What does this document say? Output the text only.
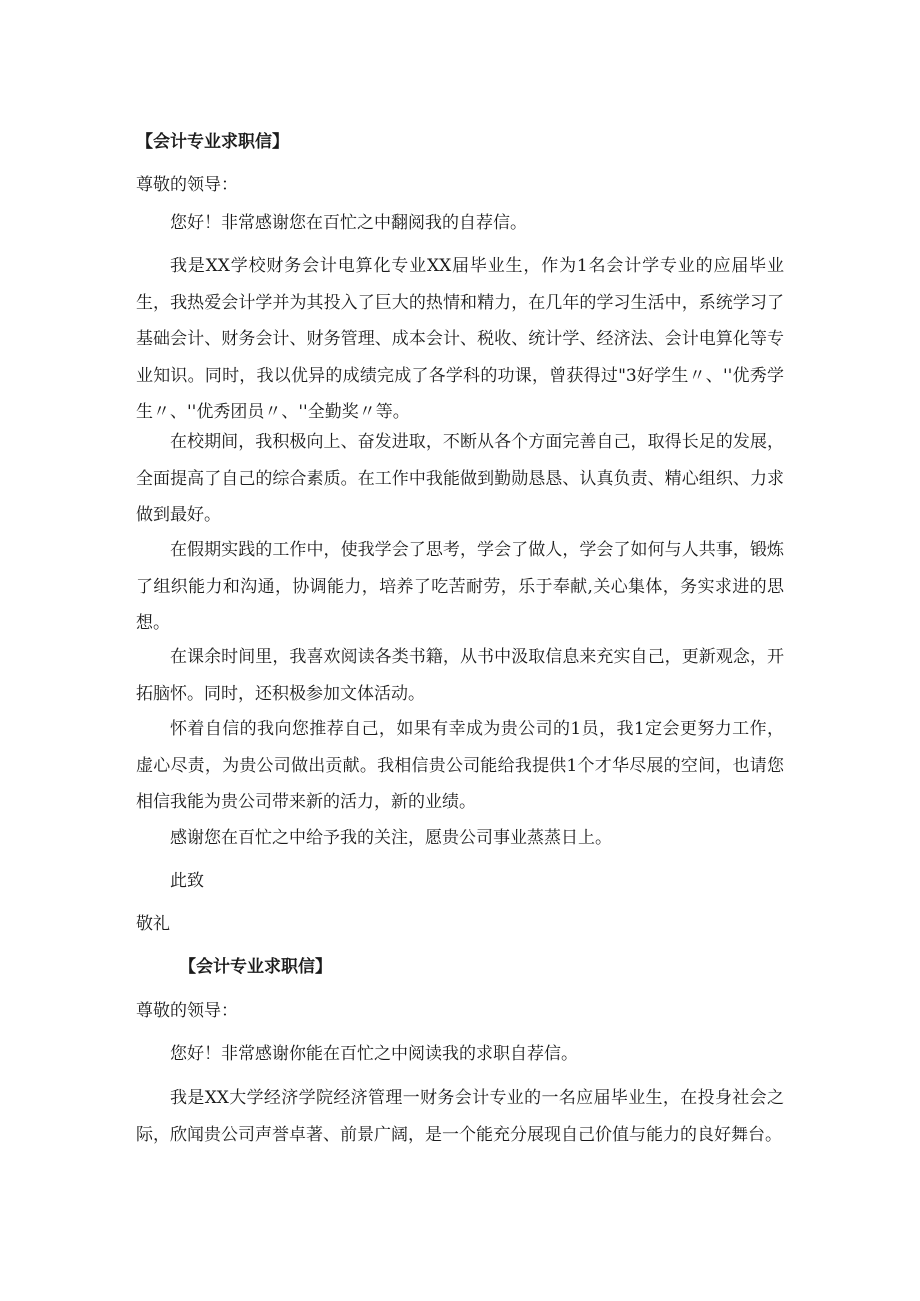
【会计专业求职信】
尊敬的领导：

您好！非常感谢您在百忙之中翻阅我的自荐信。

我是XX学校财务会计电算化专业XX届毕业生，作为1名会计学专业的应届毕业生，我热爱会计学并为其投入了巨大的热情和精力，在几年的学习生活中，系统学习了基础会计、财务会计、财务管理、成本会计、税收、统计学、经济法、会计电算化等专业知识。同时，我以优异的成绩完成了各学科的功课，曾获得过"3好学生〃、''优秀学生〃、''优秀团员〃、''全勤奖〃等。

在校期间，我积极向上、奋发进取，不断从各个方面完善自己，取得长足的发展，全面提高了自己的综合素质。在工作中我能做到勤勋恳恳、认真负责、精心组织、力求做到最好。

在假期实践的工作中，使我学会了思考，学会了做人，学会了如何与人共事，锻炼了组织能力和沟通，协调能力，培养了吃苦耐劳，乐于奉献,关心集体，务实求进的思想。

在课余时间里，我喜欢阅读各类书籍，从书中汲取信息来充实自己，更新观念，开拓脑怀。同时，还积极参加文体活动。

怀着自信的我向您推荐自己，如果有幸成为贵公司的1员，我1定会更努力工作，虚心尽责，为贵公司做出贡献。我相信贵公司能给我提供1个才华尽展的空间，也请您相信我能为贵公司带来新的活力，新的业绩。

感谢您在百忙之中给予我的关注，愿贵公司事业蒸蒸日上。

此致
敬礼
【会计专业求职信】
尊敬的领导：

您好！非常感谢你能在百忙之中阅读我的求职自荐信。

我是XX大学经济学院经济管理一财务会计专业的一名应届毕业生，在投身社会之际，欣闻贵公司声誉卓著、前景广阔，是一个能充分展现自己价值与能力的良好舞台。
